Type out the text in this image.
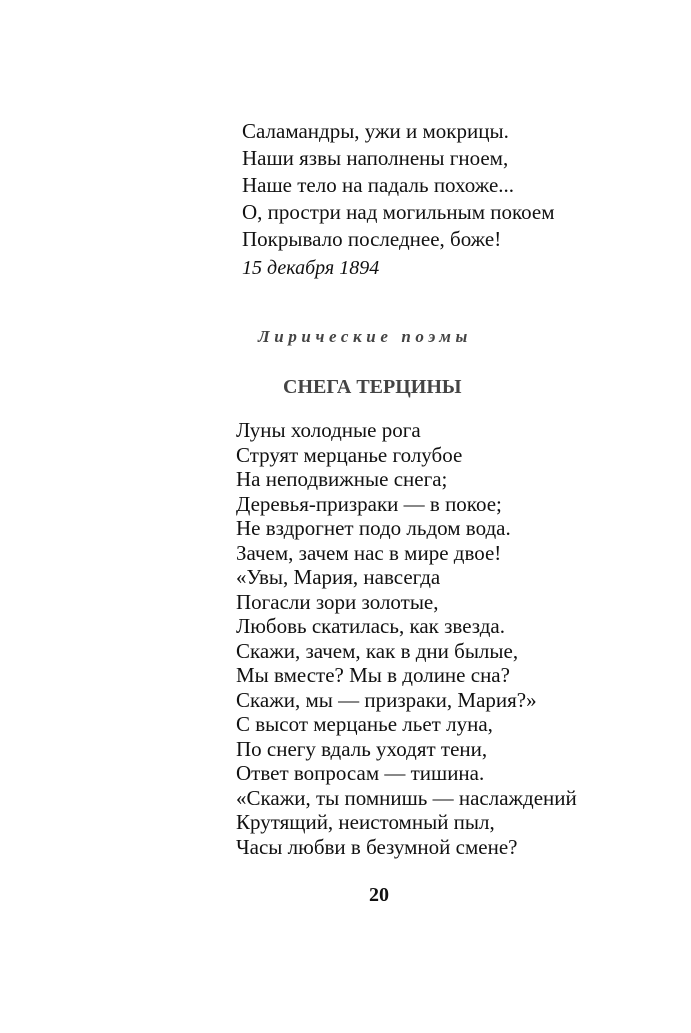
Саламандры, ужи и мокрицы.
Наши язвы наполнены гноем,
Наше тело на падаль похоже...
О, простри над могильным покоем
Покрывало последнее, боже!
15 декабря 1894
Лирические поэмы
СНЕГА ТЕРЦИНЫ
Луны холодные рога
Струят мерцанье голубое
На неподвижные снега;
Деревья-призраки — в покое;
Не вздрогнет подо льдом вода.
Зачем, зачем нас в мире двое!
«Увы, Мария, навсегда
Погасли зори золотые,
Любовь скатилась, как звезда.
Скажи, зачем, как в дни былые,
Мы вместе? Мы в долине сна?
Скажи, мы — призраки, Мария?»
С высот мерцанье льет луна,
По снегу вдаль уходят тени,
Ответ вопросам — тишина.
«Скажи, ты помнишь — наслаждений
Крутящий, неистомный пыл,
Часы любви в безумной смене?
20
